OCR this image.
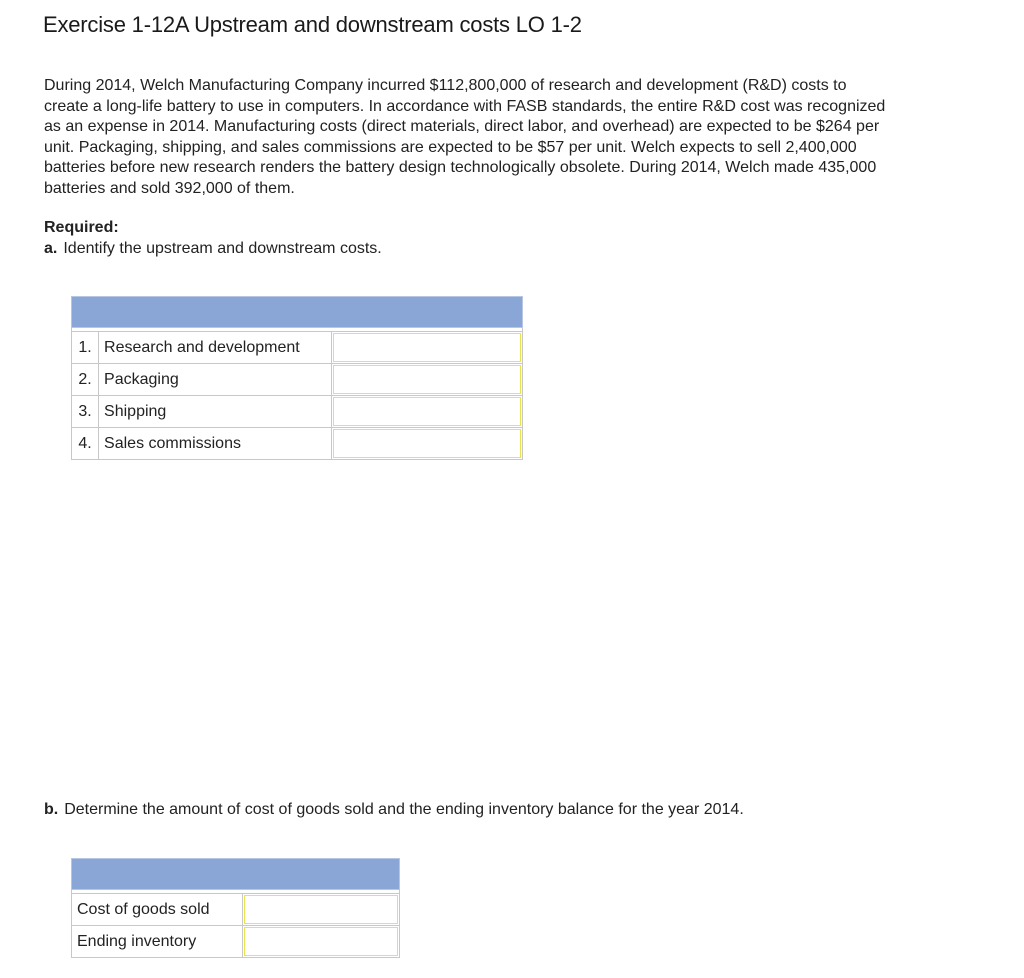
Exercise 1-12A Upstream and downstream costs LO 1-2

During 2014, Welch Manufacturing Company incurred $112,800,000 of research and development (R&D) costs to create a long-life battery to use in computers. In accordance with FASB standards, the entire R&D cost was recognized as an expense in 2014. Manufacturing costs (direct materials, direct labor, and overhead) are expected to be $264 per unit. Packaging, shipping, and sales commissions are expected to be $57 per unit. Welch expects to sell 2,400,000 batteries before new research renders the battery design technologically obsolete. During 2014, Welch made 435,000 batteries and sold 392,000 of them.

Required:

a. Identify the upstream and downstream costs.

1.	Research and development	

2.	Packaging	

3.	Shipping	

4.	Sales commissions	

b. Determine the amount of cost of goods sold and the ending inventory balance for the year 2014.

Cost of goods sold	

Ending inventory	
